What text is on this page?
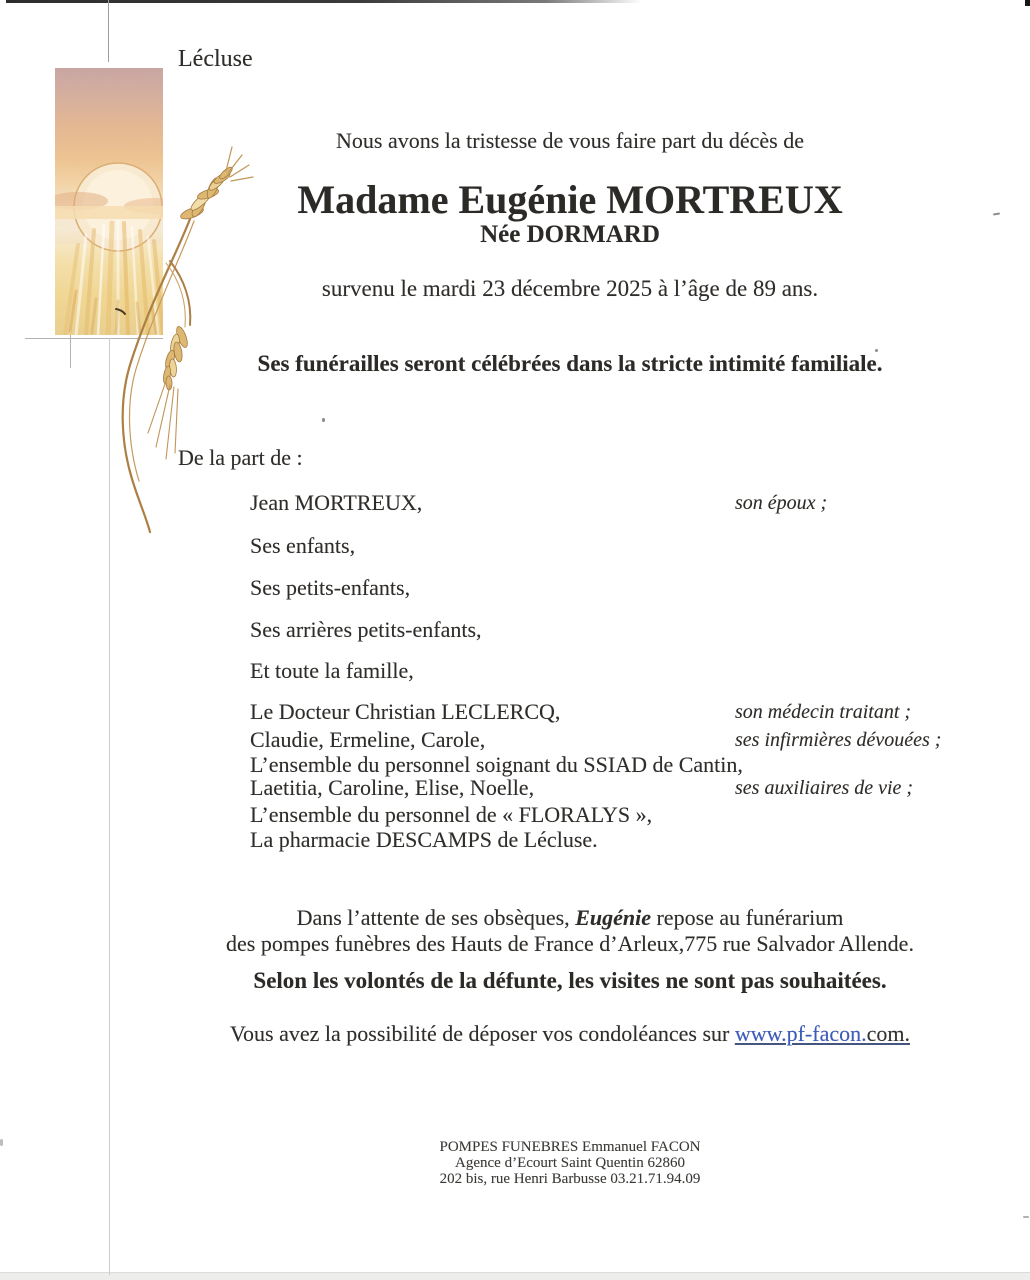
Lécluse
Nous avons la tristesse de vous faire part du décès de
Madame Eugénie MORTREUX
Née DORMARD
survenu le mardi 23 décembre 2025 à l’âge de 89 ans.
Ses funérailles seront célébrées dans la stricte intimité familiale.
Dans l’attente de ses obsèques, Eugénie repose au funérarium
des pompes funèbres des Hauts de France d’Arleux,775 rue Salvador Allende.
Selon les volontés de la défunte, les visites ne sont pas souhaitées.
Vous avez la possibilité de déposer vos condoléances sur www.pf-facon.com.
POMPES FUNEBRES Emmanuel FACON
Agence d’Ecourt Saint Quentin 62860
202 bis, rue Henri Barbusse 03.21.71.94.09
De la part de :
Jean MORTREUX,	son époux ;
Ses enfants,
Ses petits-enfants,
Ses arrières petits-enfants,
Et toute la famille,
Le Docteur Christian LECLERCQ,	son médecin traitant ;
Claudie, Ermeline, Carole,	ses infirmières dévouées ;
L’ensemble du personnel soignant du SSIAD de Cantin,
Laetitia, Caroline, Elise, Noelle,	ses auxiliaires de vie ;
L’ensemble du personnel de « FLORALYS »,
La pharmacie DESCAMPS de Lécluse.
